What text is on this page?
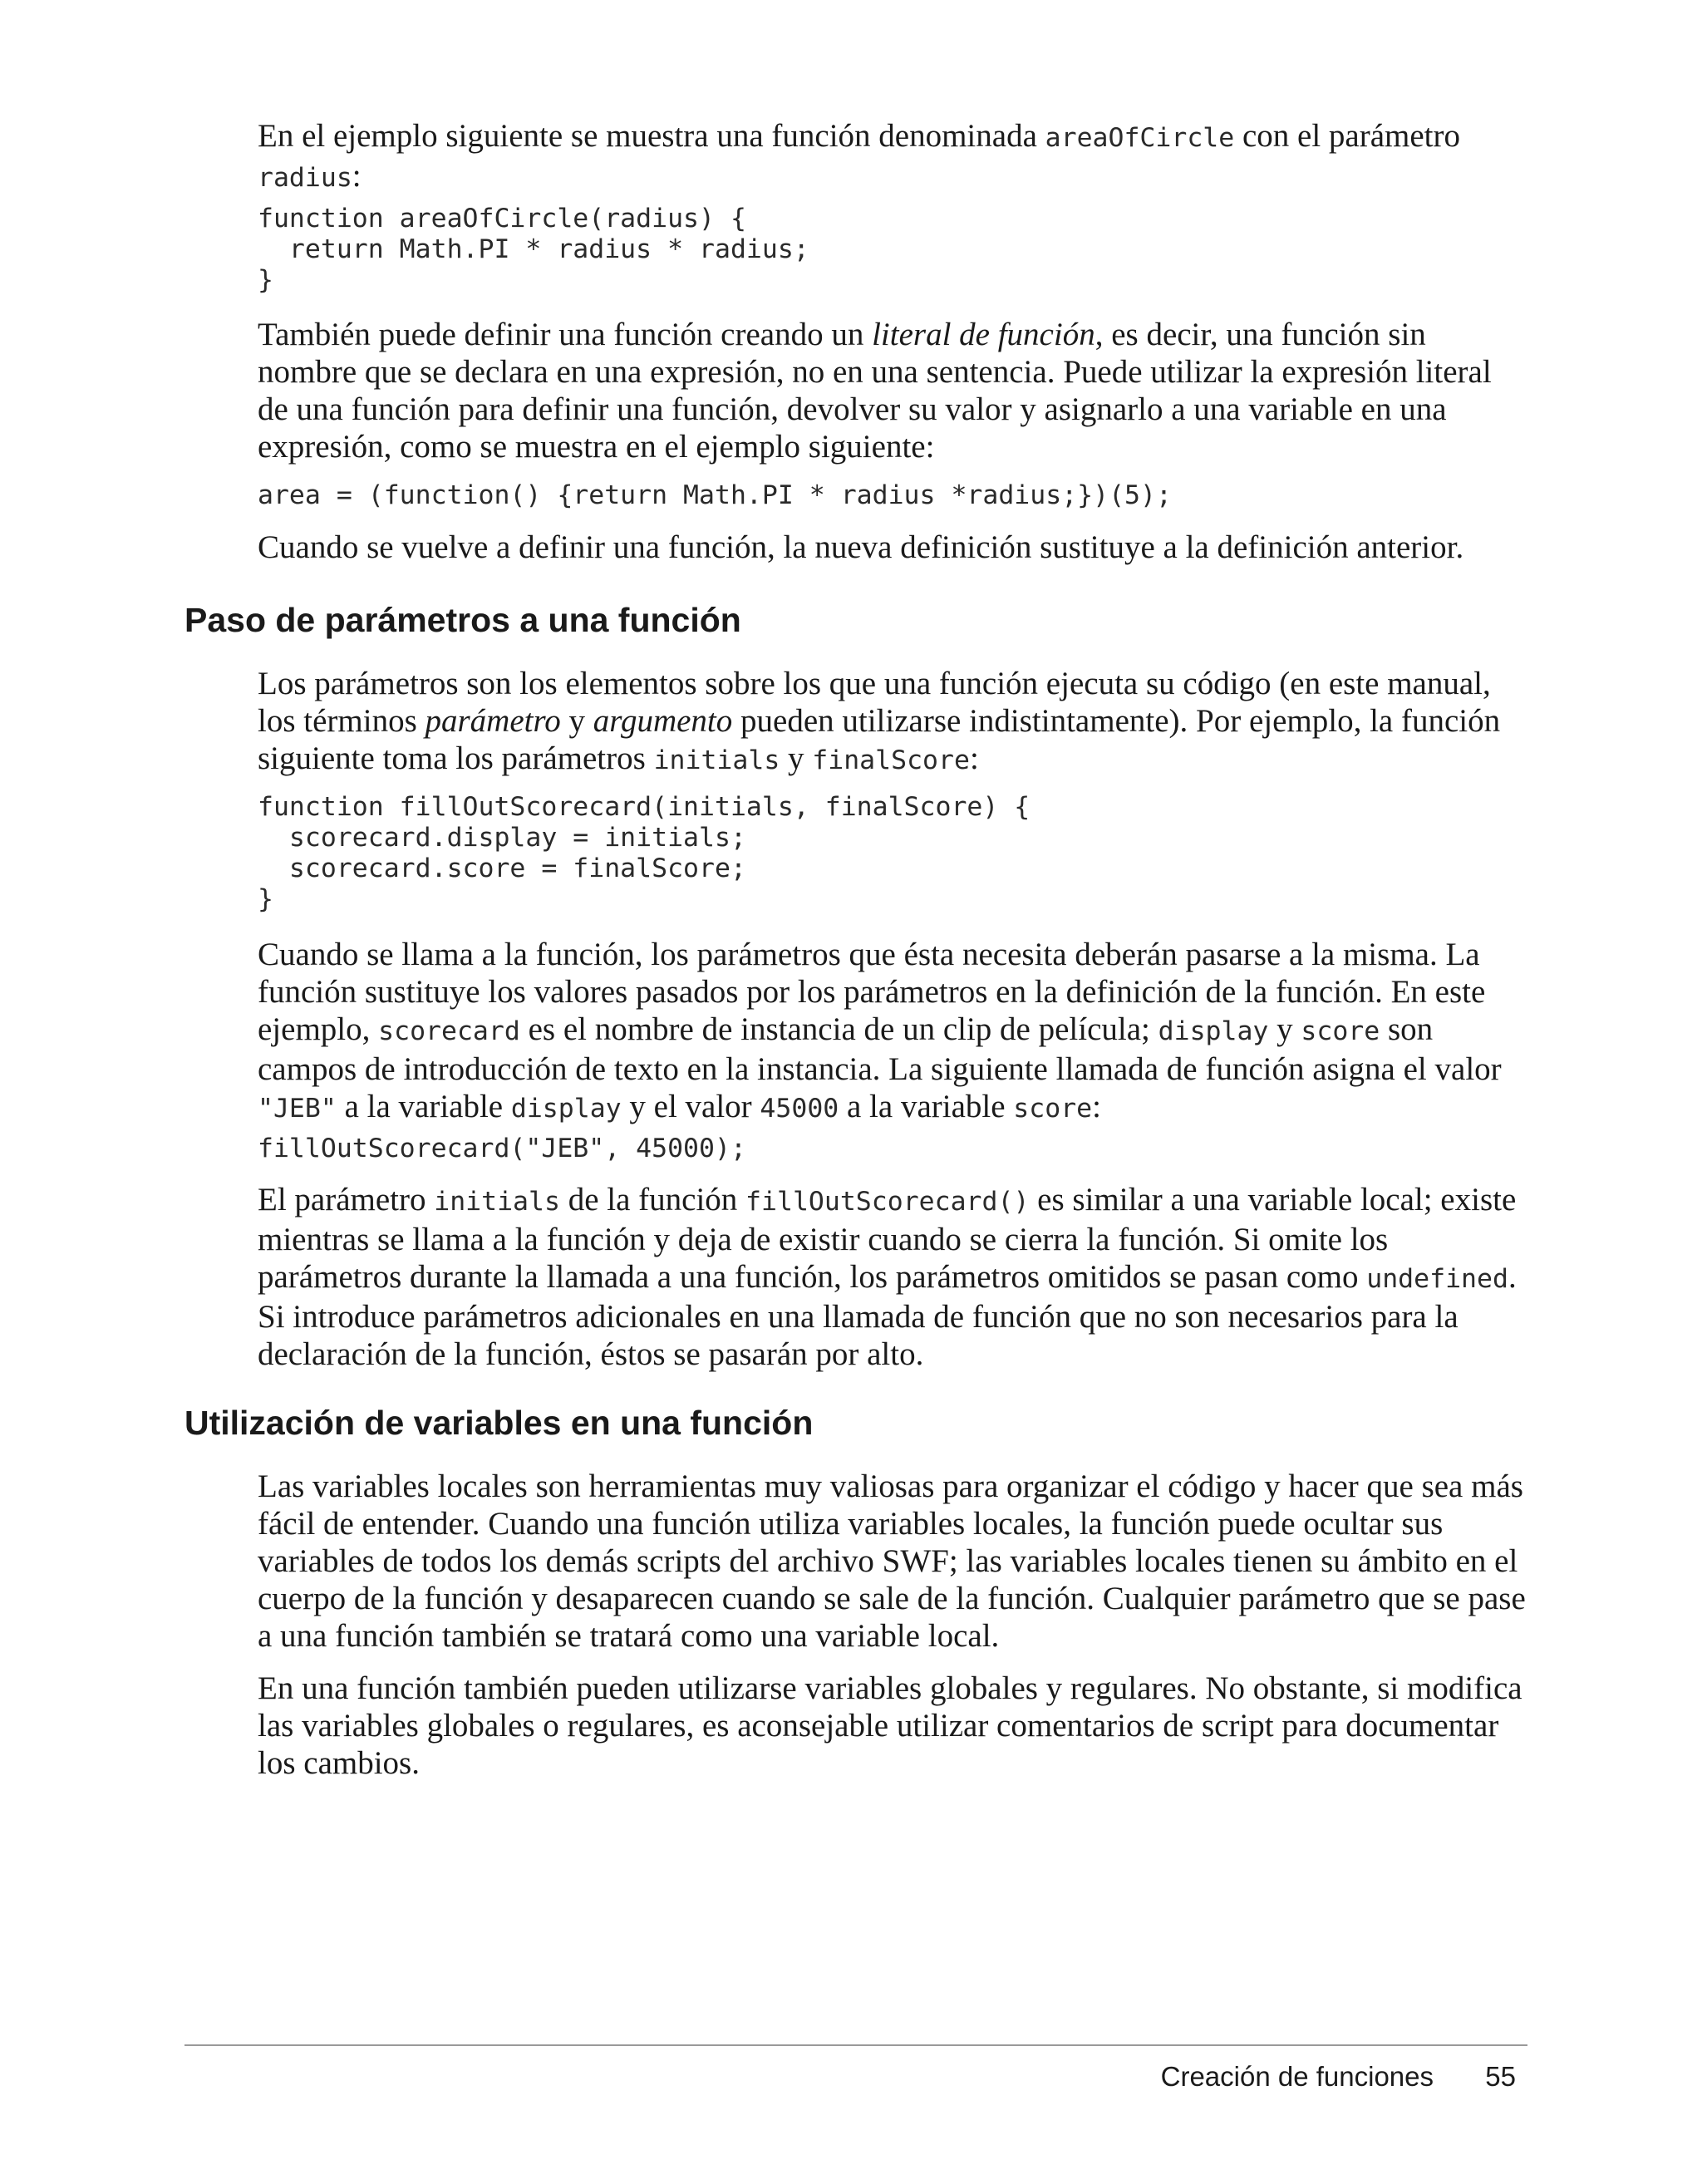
En el ejemplo siguiente se muestra una función denominada areaOfCircle con el parámetro radius:

function areaOfCircle(radius) {
return Math.PI * radius * radius;
}

También puede definir una función creando un literal de función, es decir, una función sin nombre que se declara en una expresión, no en una sentencia. Puede utilizar la expresión literal de una función para definir una función, devolver su valor y asignarlo a una variable en una expresión, como se muestra en el ejemplo siguiente:

area = (function() {return Math.PI * radius *radius;})(5);

Cuando se vuelve a definir una función, la nueva definición sustituye a la definición anterior.

Paso de parámetros a una función

Los parámetros son los elementos sobre los que una función ejecuta su código (en este manual, los términos parámetro y argumento pueden utilizarse indistintamente). Por ejemplo, la función siguiente toma los parámetros initials y finalScore:

function fillOutScorecard(initials, finalScore) {
scorecard.display = initials;
scorecard.score = finalScore;
}

Cuando se llama a la función, los parámetros que ésta necesita deberán pasarse a la misma. La función sustituye los valores pasados por los parámetros en la definición de la función. En este ejemplo, scorecard es el nombre de instancia de un clip de película; display y score son campos de introducción de texto en la instancia. La siguiente llamada de función asigna el valor "JEB" a la variable display y el valor 45000 a la variable score:

fillOutScorecard("JEB", 45000);

El parámetro initials de la función fillOutScorecard() es similar a una variable local; existe mientras se llama a la función y deja de existir cuando se cierra la función. Si omite los parámetros durante la llamada a una función, los parámetros omitidos se pasan como undefined. Si introduce parámetros adicionales en una llamada de función que no son necesarios para la declaración de la función, éstos se pasarán por alto.

Utilización de variables en una función

Las variables locales son herramientas muy valiosas para organizar el código y hacer que sea más fácil de entender. Cuando una función utiliza variables locales, la función puede ocultar sus variables de todos los demás scripts del archivo SWF; las variables locales tienen su ámbito en el cuerpo de la función y desaparecen cuando se sale de la función. Cualquier parámetro que se pase a una función también se tratará como una variable local.

En una función también pueden utilizarse variables globales y regulares. No obstante, si modifica las variables globales o regulares, es aconsejable utilizar comentarios de script para documentar los cambios.

Creación de funciones 55
